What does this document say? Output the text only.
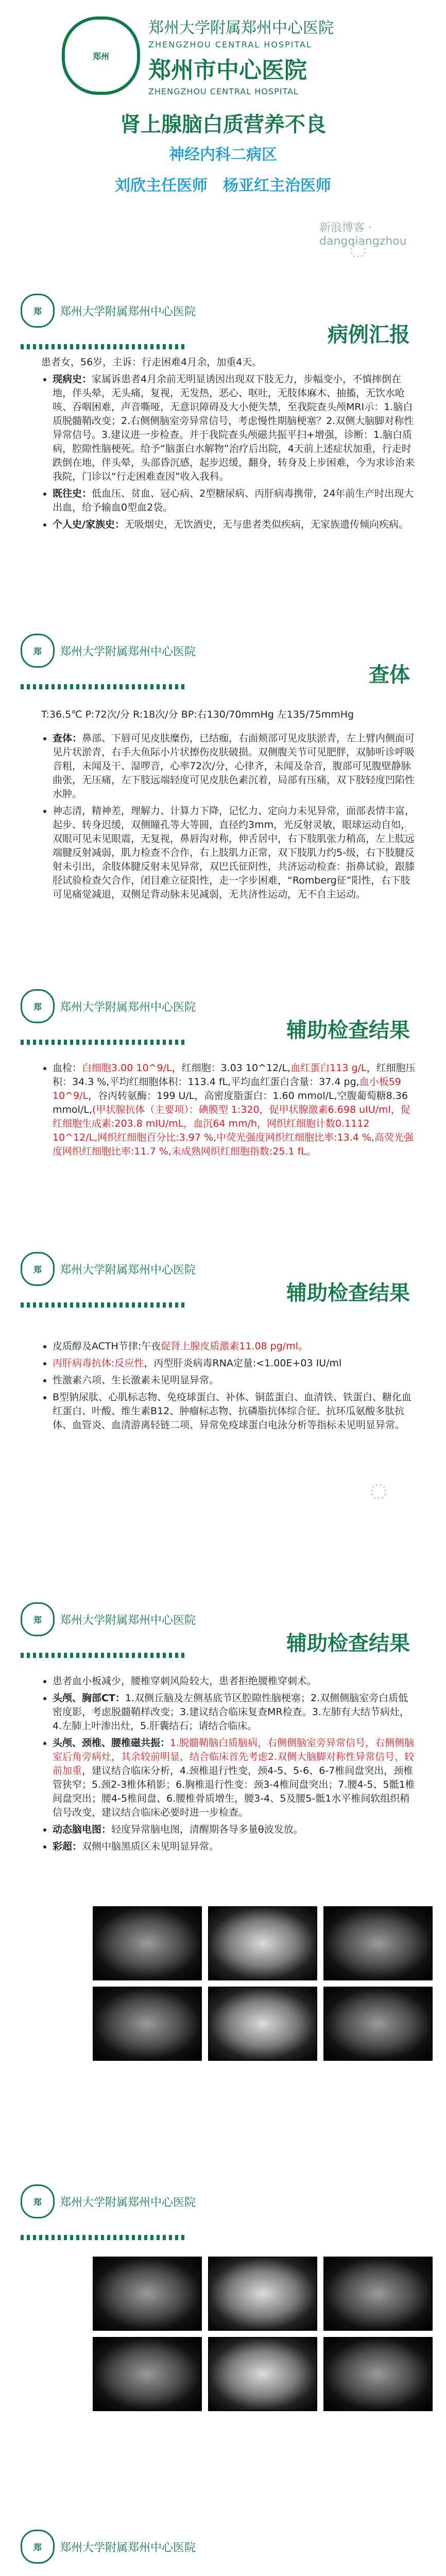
郑州
郑州大学附属郑州中心医院
ZHENGZHOU CENTRAL HOSPITAL
郑州市中心医院
ZHENGZHOU CENTRAL HOSPITAL
肾上腺脑白质营养不良
神经内科二病区
刘欣主任医师　杨亚红主治医师
新浪博客 · dangqiangzhou
郑	郑州大学附属郑州中心医院
病例汇报

患者女，56岁，主诉：行走困难4月余，加重4天。

• 现病史：家属诉患者4月余前无明显诱因出现双下肢无力，步幅变小，不慎摔倒在地，伴头晕，无头痛，复视，无发热，恶心、呕吐，无肢体麻木、抽搐，无饮水呛咳、吞咽困难，声音嘶哑，无意识障碍及大小便失禁，至我院查头颅MRI示：1.脑白质脱髓鞘改变；2.右侧侧脑室旁异常信号，考虑慢性期脑梗塞？2.双侧大脑脚对称性异常信号。3.建议进一步检查。并于我院查头颅磁共振平扫+增强，诊断：1.脑白质病，腔隙性脑梗死。给予“脑蛋白水解物”治疗后出院，4天前上述症状加重，行走时跌倒在地，伴头晕，头部昏沉感，起步迟缓，翻身，转身及上步困难，今为求诊治来我院，门诊以“行走困难查因”收入我科。
• 既往史：低血压、贫血、冠心病、2型糖尿病、丙肝病毒携带，24年前生产时出现大出血，给予输血0型血2袋。
• 个人史/家族史：无吸烟史，无饮酒史，无与患者类似疾病，无家族遗传倾向疾病。
郑	郑州大学附属郑州中心医院
查体
T:36.5℃ P:72次/分 R:18次/分 BP:右130/70mmHg 左135/75mmHg
• 查体：鼻部、下唇可见皮肤糜伤，已结痂，右面颊部可见皮肤淤青，左上臂内侧面可见片状淤青，右手大鱼际小片状擦伤皮肤破损。双侧腹关节可见肥胖，双肺听诊呼吸音粗，未闻及干、湿啰音，心率72次/分，心律齐，未闻及杂音，腹部可见腹壁静脉曲张，无压痛，左下肢远端轻度可见皮肤色素沉着，局部有压痛，双下肢轻度凹陷性水肿。
• 神志清，精神差，理解力、计算力下降，记忆力、定向力未见异常，面部表情丰富，起步、转身迟缓，双侧瞳孔等大等圆，直径约3mm，光反射灵敏，眼球运动自如，双眼可见未见眼震，无复视，鼻唇沟对称，伸舌居中，右下肢肌张力稍高，左上肢远端腱反射减弱，肌力检查不合作，右上肢肌力正常，双下肢肌力约5-级，右下肢腱反射未引出，余肢体腱反射未见异常，双巴氏征阴性，共济运动检查：指鼻试验，跟膝胫试验检查欠合作，闭目难立征阳性，走一字步困难，“Romberg征”阳性，右下肢可见痛觉减退，双侧足背动脉未见减弱，无共济性运动，无不自主运动。
郑	郑州大学附属郑州中心医院
辅助检查结果
• 血检：白细胞3.00 10^9/L，红细胞：3.03 10^12/L,血红蛋白113 g/L，红细胞压积：34.3 %,平均红细胞体积：113.4 fL,平均血红蛋白含量：37.4 pg,血小板59 10^9/L，谷丙转氨酶：199 U/L，高密度脂蛋白：1.60 mmol/L,空腹葡萄糖8.36 mmol/L,(甲状腺抗体（主要项）：碘膜型 1:320，促甲状腺激素6.698 uIU/ml，促红细胞生成素:203.8 mIU/mL，血沉64 mm/h，网织红细胞计数0.1112 10^12/L,网织红细胞百分比:3.97 %,中荧光强度网织红细胞比率:13.4 %,高荧光强度网织红细胞比率:11.7 %,未成熟网织红细胞指数:25.1 fL。
郑	郑州大学附属郑州中心医院
辅助检查结果
• 皮质醇及ACTH节律:午夜促肾上腺皮质激素11.08 pg/ml。
• 丙肝病毒抗体:反应性，丙型肝炎病毒RNA定量:<1.00E+03 IU/ml
• 性激素六项、生长激素未见明显异常。
• B型钠尿肽、心肌标志物、免疫球蛋白、补体、铜蓝蛋白、血清铁、铁蛋白、糖化血红蛋白、叶酸、维生素B12、肿瘤标志物、抗磷脂抗体综合征、抗环瓜氨酸多肽抗体、血管炎、血清游离轻链二项、异常免疫球蛋白电泳分析等指标未见明显异常。
郑	郑州大学附属郑州中心医院
辅助检查结果
• 患者血小板减少，腰椎穿刺风险较大，患者拒绝腰椎穿刺术。
• 头颅、胸部CT：1.双侧丘脑及左侧基底节区腔隙性脑梗塞；2.双侧侧脑室旁白质低密度影，考虑脱髓鞘样改变；3.建议结合临床复查MR检查。3.左肺有大结节病灶，4.左肺上叶渗出灶，5.肝囊结石；请结合临床。
• 头颅、颈椎、腰椎磁共振：1.脱髓鞘脑白质脑病，右侧侧脑室旁异常信号，右侧侧脑室后角旁病灶，其余较前明显，结合临床首先考虑2.双侧大脑脚对称性异常信号，较前加重，建议结合临床分析，4.颈椎退行性变，颈4-5、5-6、6-7椎间盘突出，颈椎管狭窄；5.颈2-3椎体稍影；6.胸椎退行性变：颈3-4椎间盘突出；7.腰4-5、5骶1椎间盘突出；腰4-5椎间盘、6.腰椎骨质增生，腰3-4、5及腰5-骶1水平椎间软组织稍信号改变，建议结合临床必要时进一步检查。
• 动态脑电图：轻度异常脑电图，清醒期各导多量θ波发放。
• 彩超：双侧中脑黑质区未见明显异常。
郑	郑州大学附属郑州中心医院
郑	郑州大学附属郑州中心医院
